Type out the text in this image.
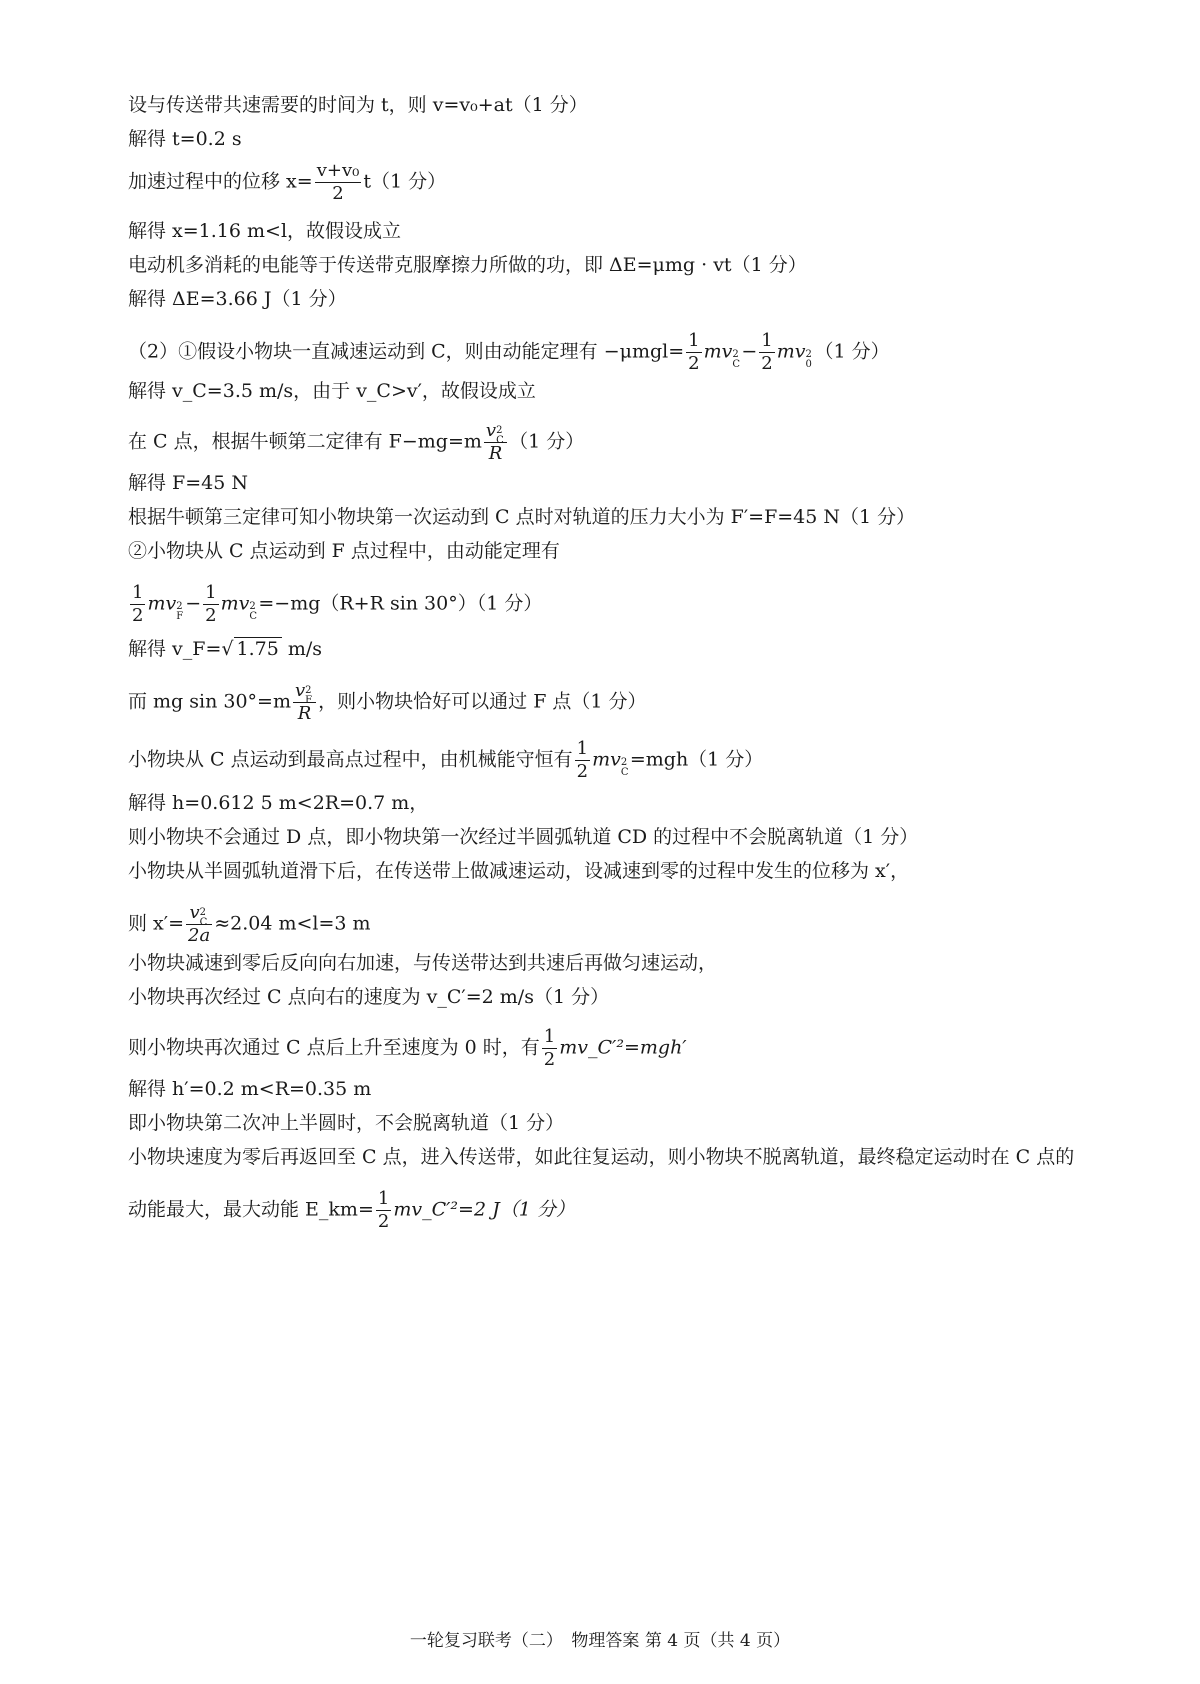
设与传送带共速需要的时间为 t，则 v=v₀+at（1 分）
解得 t=0.2 s
加速过程中的位移 $x= \frac{\text{v+v₀}}{2} t(1$ 分）
解得 x=1.16 m<l，故假设成立
电动机多消耗的电能等于传送带克服摩擦力所做的功，即 ΔE=μmg · vt（1 分）
解得 ΔE=3.66 J（1 分）
（2）①假设小物块一直减速运动到 C，则由动能定理有 $-\mu mgl= \frac{1}{2}$ mv 2
C
− $\frac{1}{2}$ mv 2
0
（1 分）
解得 v_C=3.5 m/s，由于 v_C>v′，故假设成立
在 C 点，根据牛顿第二定律有 F−mg=m v 2
C
R （1 分）
解得 F=45 N
根据牛顿第三定律可知小物块第一次运动到 C 点时对轨道的压力大小为 F′=F=45 N（1 分）
②小物块从 C 点运动到 F 点过程中，由动能定理有
$\frac{1}{2}$ mv 2
F
− $\frac{1}{2}$ mv 2
C
=−mg（R+R sin 30°）（1 分）
解得 v_F=√ 1.75 m/s
而 mg sin 30°=m v 2
F
R ，则小物块恰好可以通过 F 点（1 分）
小物块从 C 点运动到最高点过程中，由机械能守恒有 $\frac{1}{2}$ mv 2
C
=mgh（1 分）
解得 h=0.612 5 m<2R=0.7 m，
则小物块不会通过 D 点，即小物块第一次经过半圆弧轨道 CD 的过程中不会脱离轨道（1 分）
小物块从半圆弧轨道滑下后，在传送带上做减速运动，设减速到零的过程中发生的位移为 x′，
则 x′= v 2
C
2a ≈2.04 m<l=3 m
小物块减速到零后反向向右加速，与传送带达到共速后再做匀速运动，
小物块再次经过 C 点向右的速度为 v_C′=2 m/s（1 分）
则小物块再次通过 C 点后上升至速度为 0 时，有 $\frac{1}{2}$ mv_C′²=mgh′
解得 h′=0.2 m<R=0.35 m
即小物块第二次冲上半圆时，不会脱离轨道（1 分）
小物块速度为零后再返回至 C 点，进入传送带，如此往复运动，则小物块不脱离轨道，最终稳定运动时在 C 点的
动能最大，最大动能 E_km= $\frac{1}{2}$ mv_C′²=2 J（1 分）
一轮复习联考（二）　物理答案 第 4 页（共 4 页）
